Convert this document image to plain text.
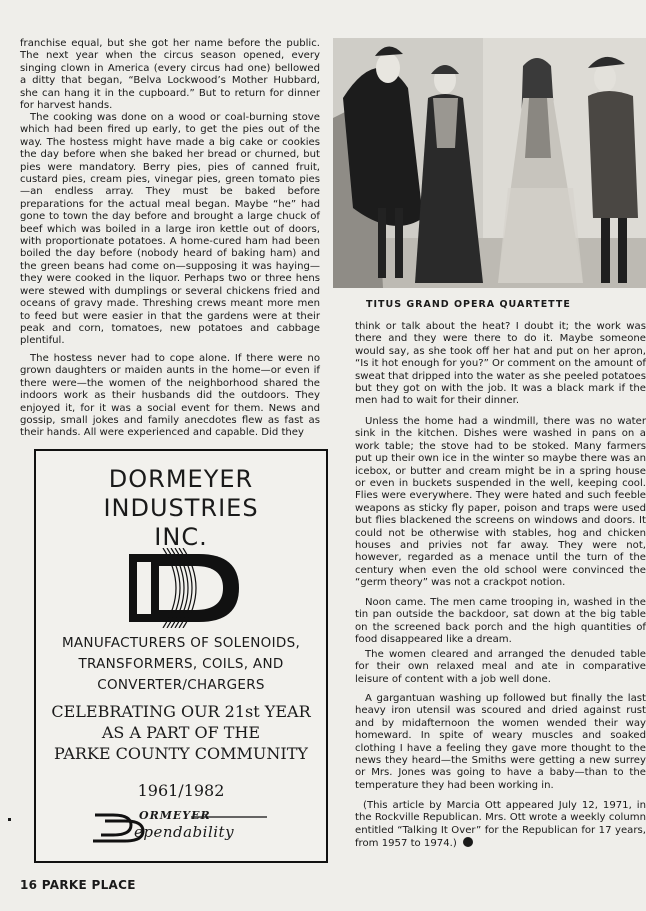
franchise equal, but she got her name before the public. The next year when the circus season opened, every singing clown in America (every circus had one) bellowed a ditty that began, “Belva Lockwood’s Mother Hubbard, she can hang it in the cupboard.” But to return for dinner for harvest hands.

The cooking was done on a wood or coal-burning stove which had been fired up early, to get the pies out of the way. The hostess might have made a big cake or cookies the day before when she baked her bread or churned, but pies were mandatory. Berry pies, pies of canned fruit, custard pies, cream pies, vinegar pies, green tomato pies—an endless array. They must be baked before preparations for the actual meal began. Maybe “he” had gone to town the day before and brought a large chuck of beef which was boiled in a large iron kettle out of doors, with proportionate potatoes. A home-cured ham had been boiled the day before (nobody heard of baking ham) and the green beans had come on—supposing it was haying—they were cooked in the liquor. Perhaps two or three hens were stewed with dumplings or several chickens fried and oceans of gravy made. Threshing crews meant more men to feed but were easier in that the gardens were at their peak and corn, tomatoes, new potatoes and cabbage plentiful.

The hostess never had to cope alone. If there were no grown daughters or maiden aunts in the home—or even if there were—the women of the neighborhood shared the indoors work as their husbands did the outdoors. They enjoyed it, for it was a social event for them. News and gossip, small jokes and family anecdotes flew as fast as their hands. All were experienced and capable. Did they

TITUS GRAND OPERA QUARTETTE

think or talk about the heat? I doubt it; the work was there and they were there to do it. Maybe someone would say, as she took off her hat and put on her apron, “Is it hot enough for you?” Or comment on the amount of sweat that dripped into the water as she peeled potatoes but they got on with the job. It was a black mark if the men had to wait for their dinner.

Unless the home had a windmill, there was no water sink in the kitchen. Dishes were washed in pans on a work table; the stove had to be stoked. Many farmers put up their own ice in the winter so maybe there was an icebox, or butter and cream might be in a spring house or even in buckets suspended in the well, keeping cool. Flies were everywhere. They were hated and such feeble weapons as sticky fly paper, poison and traps were used but flies blackened the screens on windows and doors. It could not be otherwise with stables, hog and chicken houses and privies not far away. They were not, however, regarded as a menace until the turn of the century when even the old school were convinced the “germ theory” was not a crackpot notion.

Noon came. The men came trooping in, washed in the tin pan outside the backdoor, sat down at the big table on the screened back porch and the high quantities of food disappeared like a dream.

The women cleared and arranged the denuded table for their own relaxed meal and ate in comparative leisure of content with a job well done.

A gargantuan washing up followed but finally the last heavy iron utensil was scoured and dried against rust and by midafternoon the women wended their way homeward. In spite of weary muscles and soaked clothing I have a feeling they gave more thought to the news they heard—the Smiths were getting a new surrey or Mrs. Jones was going to have a baby—than to the temperature they had been working in.

(This article by Marcia Ott appeared July 12, 1971, in the Rockville Republican. Mrs. Ott wrote a weekly column entitled “Talking It Over” for the Republican for 17 years, from 1957 to 1974.)

DORMEYER
INDUSTRIES
INC.
MANUFACTURERS OF SOLENOIDS,
TRANSFORMERS, COILS, AND
CONVERTER/CHARGERS
CELEBRATING OUR 21st YEAR
AS A PART OF THE
PARKE COUNTY COMMUNITY
1961/1982
ORMEYER
ependability
16 PARKE PLACE
